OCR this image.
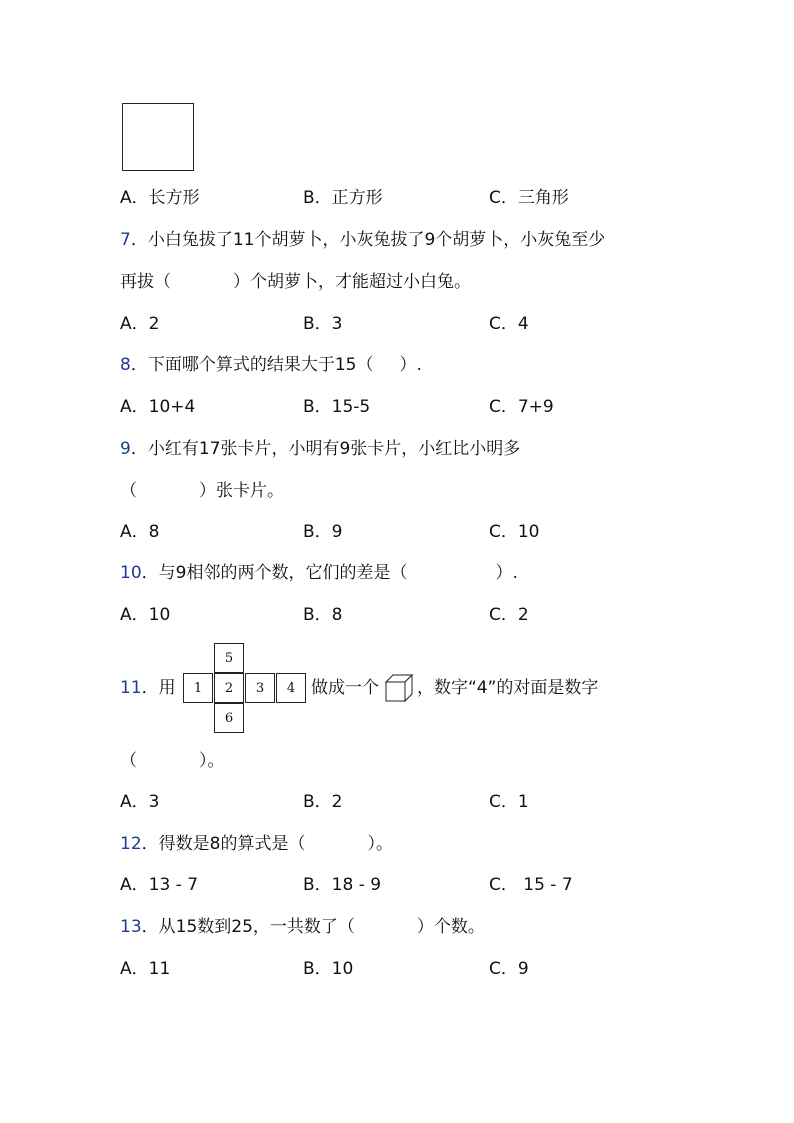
A．长方形	B．正方形	C．三角形
7．小白兔拔了11个胡萝卜，小灰兔拔了9个胡萝卜，小灰兔至少
再拔（	）个胡萝卜，才能超过小白兔。
A．2	B．3	C．4
8．下面哪个算式的结果大于15（ ）.
A．10+4	B．15-5	C．7+9
9．小红有17张卡片，小明有9张卡片，小红比小明多
（	）张卡片。
A．8	B．9	C．10
10．与9相邻的两个数，它们的差是（	）.
A．10	B．8	C．2
11．用
5
1	2	3	4
6
做成一个 ，数字“4”的对面是数字
（	）。
A．3	B．2	C．1
12．得数是8的算式是（	）。
A．13 - 7	B．18 - 9	C． 15 - 7
13．从15数到25，一共数了（	）个数。
A．11	B．10	C．9
